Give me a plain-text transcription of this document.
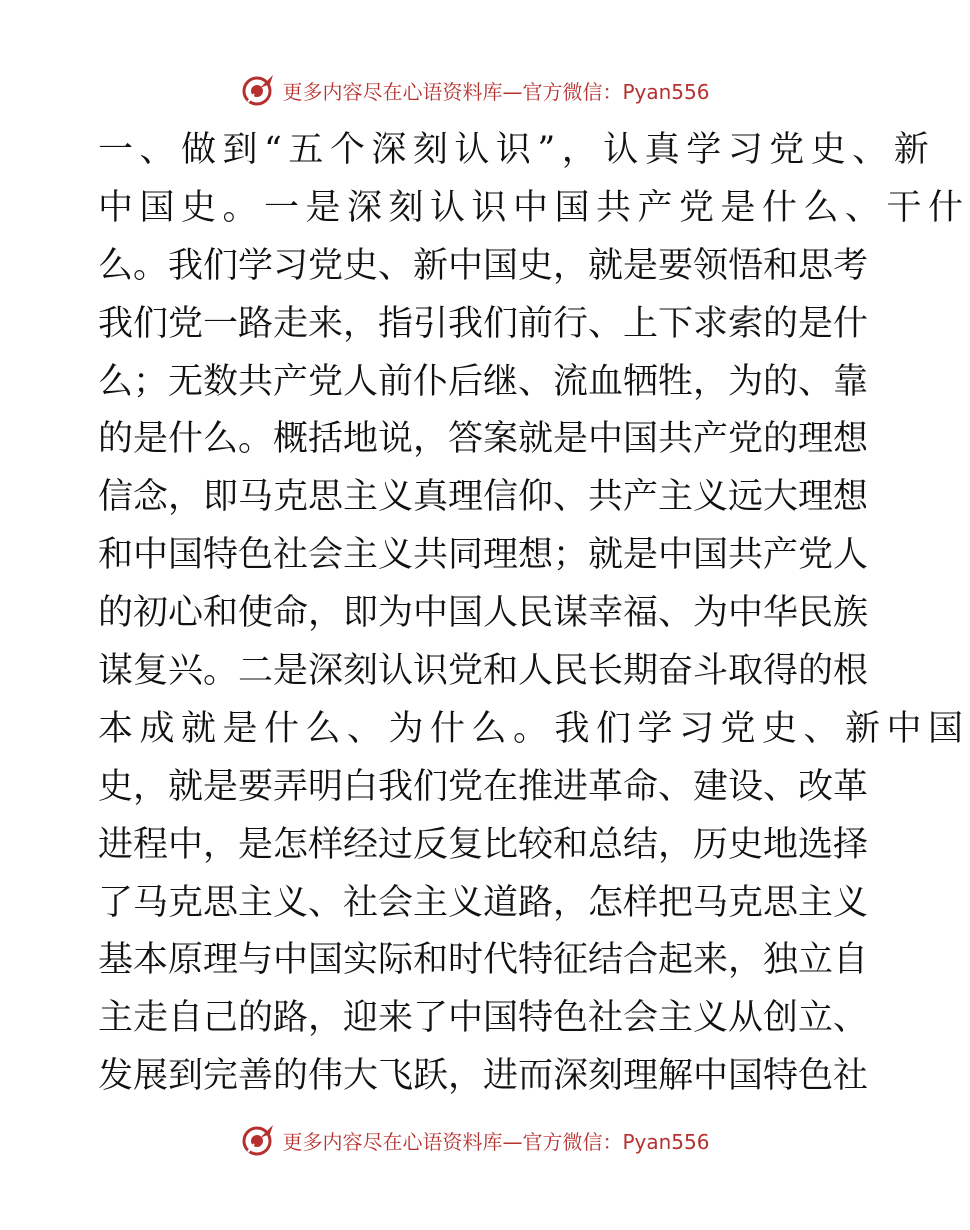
更多内容尽在心语资料库—官方微信：Pyan556
一、做到“五个深刻认识”，认真学习党史、新
中国史。一是深刻认识中国共产党是什么、干什
么。我们学习党史、新中国史，就是要领悟和思考
我们党一路走来，指引我们前行、上下求索的是什
么；无数共产党人前仆后继、流血牺牲，为的、靠
的是什么。概括地说，答案就是中国共产党的理想
信念，即马克思主义真理信仰、共产主义远大理想
和中国特色社会主义共同理想；就是中国共产党人
的初心和使命，即为中国人民谋幸福、为中华民族
谋复兴。二是深刻认识党和人民长期奋斗取得的根
本成就是什么、为什么。我们学习党史、新中国
史，就是要弄明白我们党在推进革命、建设、改革
进程中，是怎样经过反复比较和总结，历史地选择
了马克思主义、社会主义道路，怎样把马克思主义
基本原理与中国实际和时代特征结合起来，独立自
主走自己的路，迎来了中国特色社会主义从创立、
发展到完善的伟大飞跃，进而深刻理解中国特色社
更多内容尽在心语资料库—官方微信：Pyan556
